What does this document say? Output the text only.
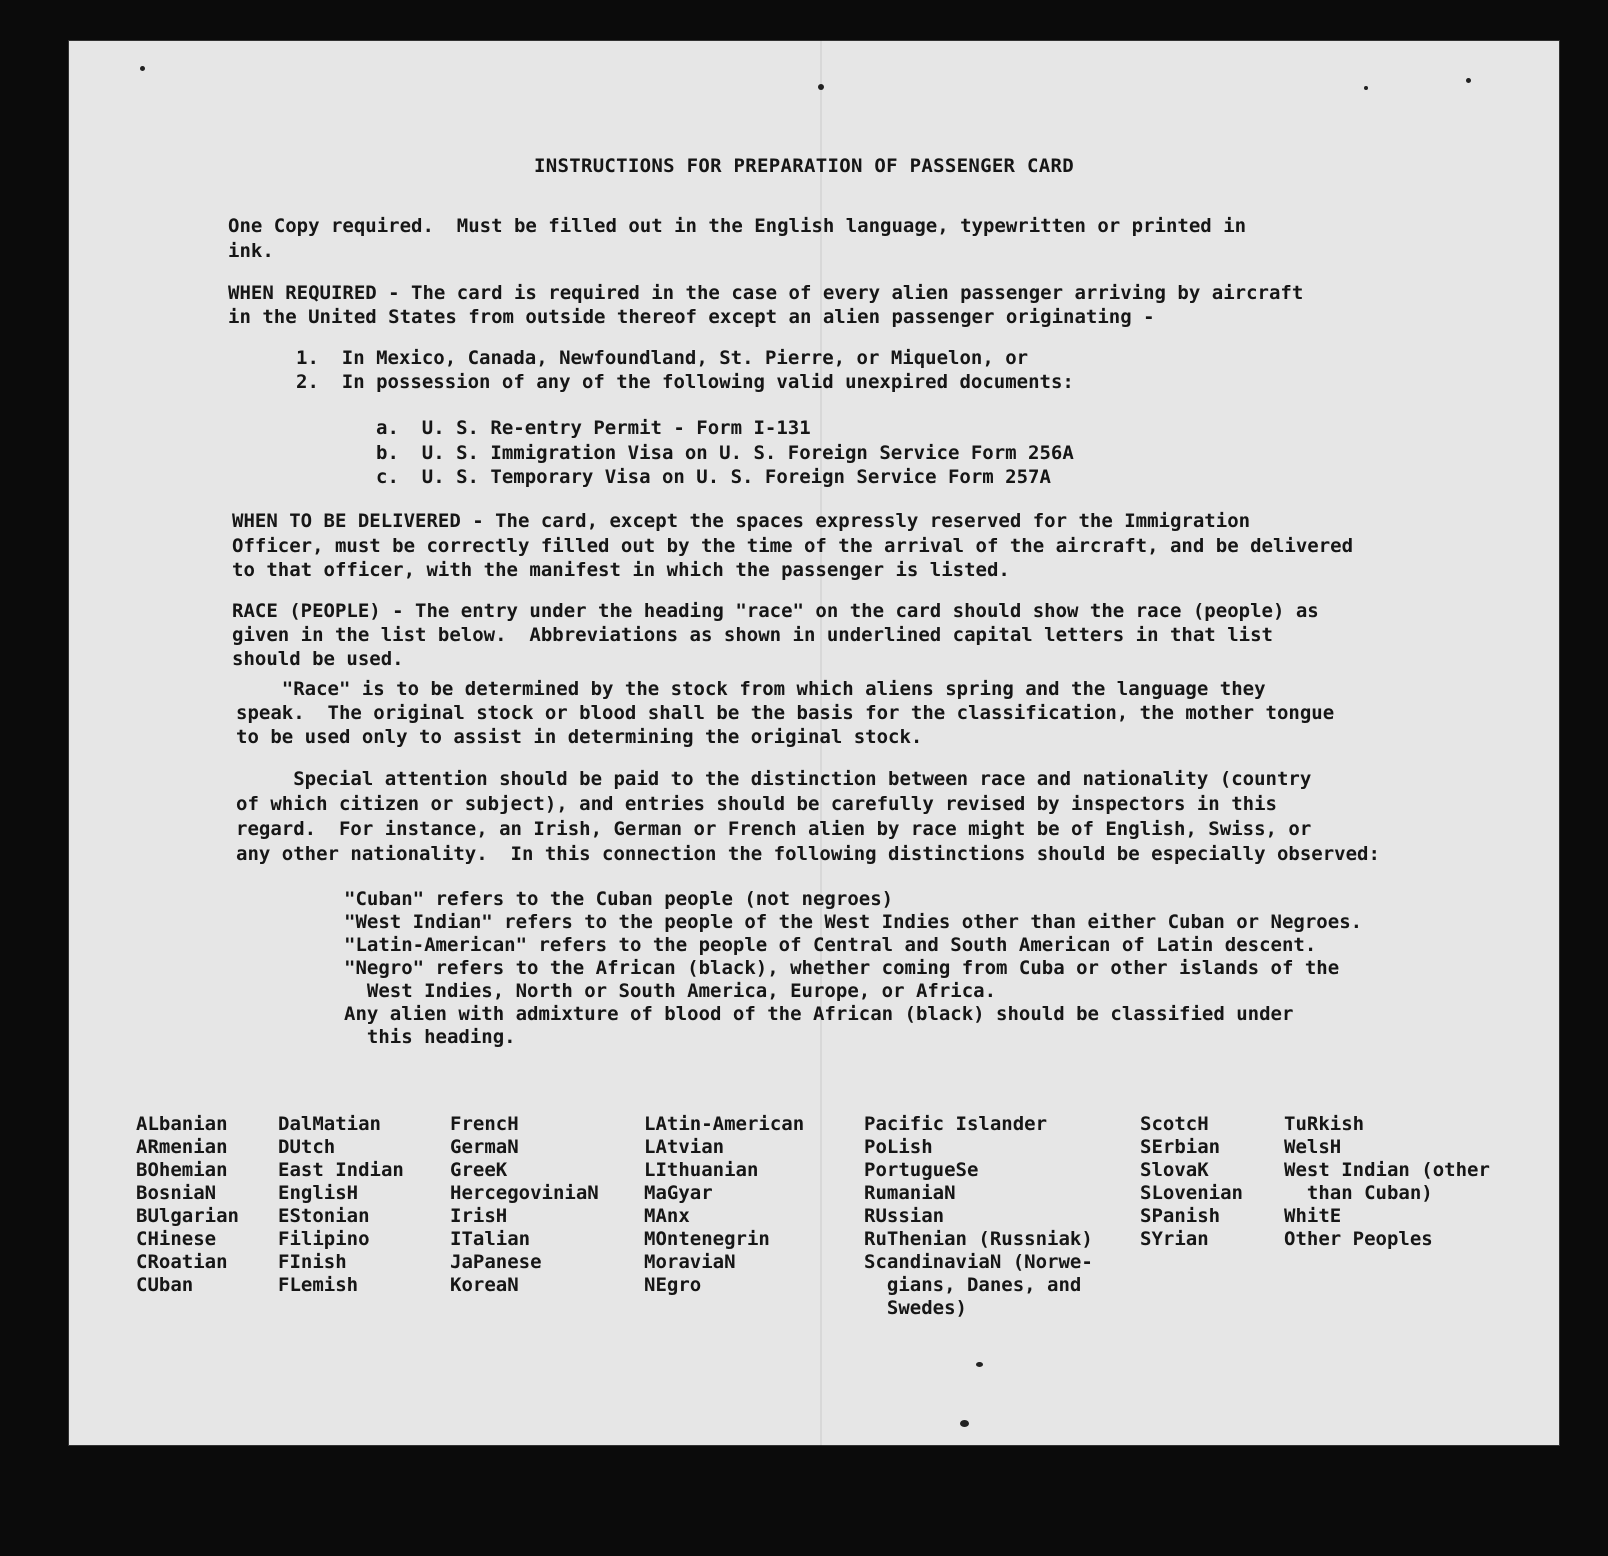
INSTRUCTIONS FOR PREPARATION OF PASSENGER CARD
One Copy required.  Must be filled out in the English language, typewritten or printed in
ink.
WHEN REQUIRED - The card is required in the case of every alien passenger arriving by aircraft
in the United States from outside thereof except an alien passenger originating -
1.  In Mexico, Canada, Newfoundland, St. Pierre, or Miquelon, or
2.  In possession of any of the following valid unexpired documents:
a.  U. S. Re-entry Permit - Form I-131
b.  U. S. Immigration Visa on U. S. Foreign Service Form 256A
c.  U. S. Temporary Visa on U. S. Foreign Service Form 257A
WHEN TO BE DELIVERED - The card, except the spaces expressly reserved for the Immigration
Officer, must be correctly filled out by the time of the arrival of the aircraft, and be delivered
to that officer, with the manifest in which the passenger is listed.
RACE (PEOPLE) - The entry under the heading "race" on the card should show the race (people) as
given in the list below.  Abbreviations as shown in underlined capital letters in that list
should be used.
"Race" is to be determined by the stock from which aliens spring and the language they
speak.  The original stock or blood shall be the basis for the classification, the mother tongue
to be used only to assist in determining the original stock.
Special attention should be paid to the distinction between race and nationality (country
of which citizen or subject), and entries should be carefully revised by inspectors in this
regard.  For instance, an Irish, German or French alien by race might be of English, Swiss, or
any other nationality.  In this connection the following distinctions should be especially observed:
"Cuban" refers to the Cuban people (not negroes)
"West Indian" refers to the people of the West Indies other than either Cuban or Negroes.
"Latin-American" refers to the people of Central and South American of Latin descent.
"Negro" refers to the African (black), whether coming from Cuba or other islands of the
West Indies, North or South America, Europe, or Africa.
Any alien with admixture of blood of the African (black) should be classified under
this heading.
ALbanian
ARmenian
BOhemian
BosniaN
BUlgarian
CHinese
CRoatian
CUban
DalMatian
DUtch
East Indian
EnglisH
EStonian
Filipino
FInish
FLemish
FrencH
GermaN
GreeK
HercegoviniaN
IrisH
ITalian
JaPanese
KoreaN
LAtin-American
LAtvian
LIthuanian
MaGyar
MAnx
MOntenegrin
MoraviaN
NEgro
Pacific Islander
PoLish
PortugueSe
RumaniaN
RUssian
RuThenian (Russniak)
ScandinaviaN (Norwe-
gians, Danes, and
Swedes)
ScotcH
SErbian
SlovaK
SLovenian
SPanish
SYrian
TuRkish
WelsH
West Indian (other
than Cuban)
WhitE
Other Peoples
